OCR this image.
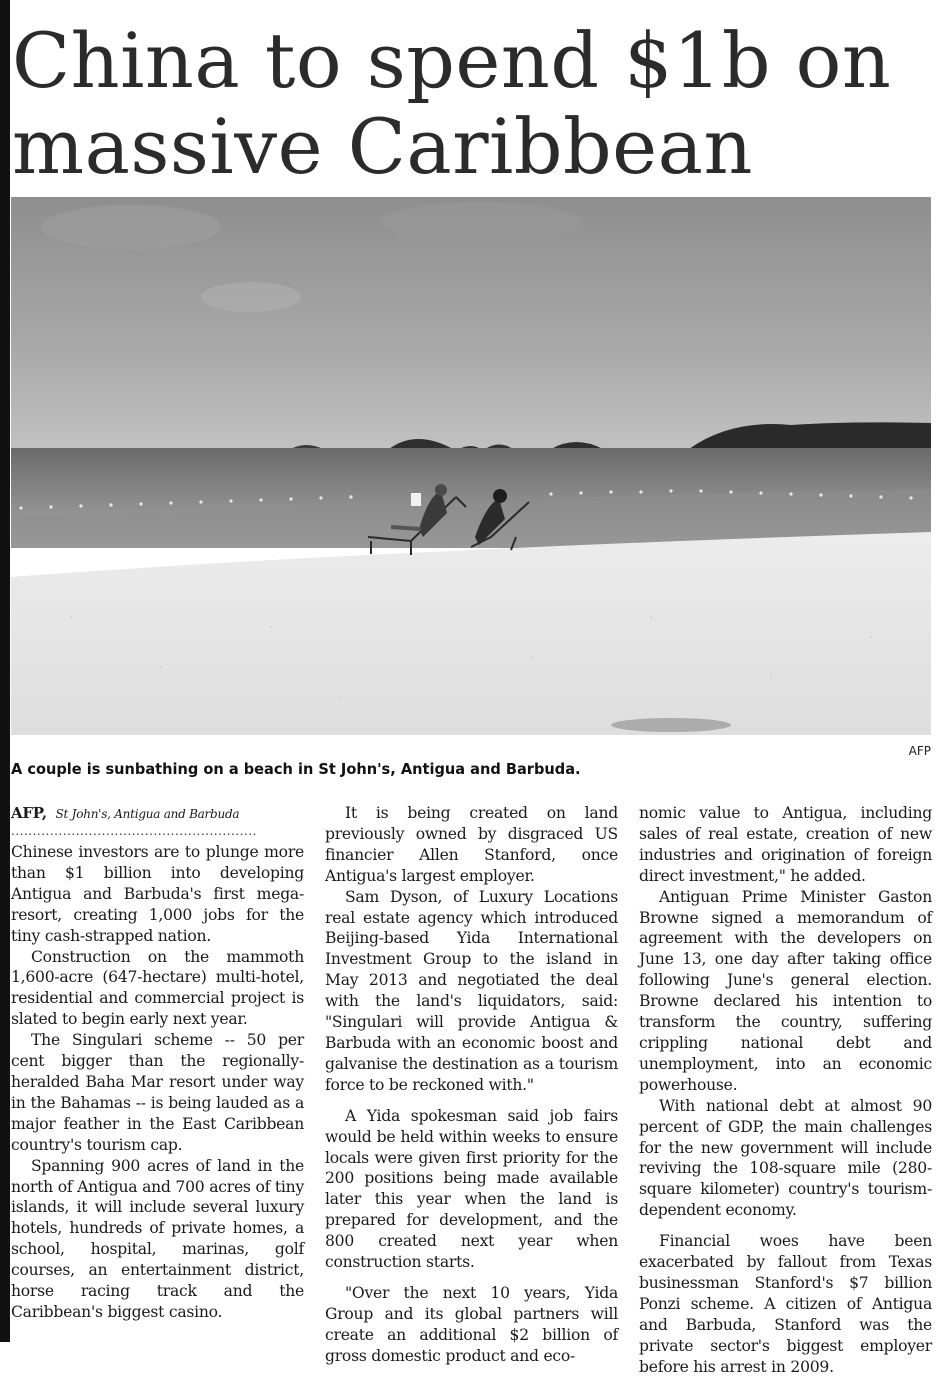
China to spend $1b on massive Caribbean
AFP
A couple is sunbathing on a beach in St John's, Antigua and Barbuda.
AFP, St John's, Antigua and Barbuda
.........................................................

Chinese investors are to plunge more than $1 billion into developing Antigua and Barbuda's first mega-resort, creating 1,000 jobs for the tiny cash-strapped nation.

Construction on the mammoth 1,600-acre (647-hectare) multi-hotel, residential and commercial project is slated to begin early next year.

The Singulari scheme -- 50 per cent bigger than the regionally-heralded Baha Mar resort under way in the Bahamas -- is being lauded as a major feather in the East Caribbean country's tourism cap.

Spanning 900 acres of land in the north of Antigua and 700 acres of tiny islands, it will include several luxury hotels, hundreds of private homes, a school, hospital, marinas, golf courses, an entertainment district, horse racing track and the Caribbean's biggest casino.

It is being created on land previously owned by disgraced US financier Allen Stanford, once Antigua's largest employer.

Sam Dyson, of Luxury Locations real estate agency which introduced Beijing-based Yida International Investment Group to the island in May 2013 and negotiated the deal with the land's liquidators, said: "Singulari will provide Antigua & Barbuda with an economic boost and galvanise the destination as a tourism force to be reckoned with."

A Yida spokesman said job fairs would be held within weeks to ensure locals were given first priority for the 200 positions being made available later this year when the land is prepared for development, and the 800 created next year when construction starts.

"Over the next 10 years, Yida Group and its global partners will create an additional $2 billion of gross domestic product and eco-

nomic value to Antigua, including sales of real estate, creation of new industries and origination of foreign direct investment," he added.

Antiguan Prime Minister Gaston Browne signed a memorandum of agreement with the developers on June 13, one day after taking office following June's general election. Browne declared his intention to transform the country, suffering crippling national debt and unemployment, into an economic powerhouse.

With national debt at almost 90 percent of GDP, the main challenges for the new government will include reviving the 108-square mile (280-square kilometer) country's tourism-dependent economy.

Financial woes have been exacerbated by fallout from Texas businessman Stanford's $7 billion Ponzi scheme. A citizen of Antigua and Barbuda, Stanford was the private sector's biggest employer before his arrest in 2009.
